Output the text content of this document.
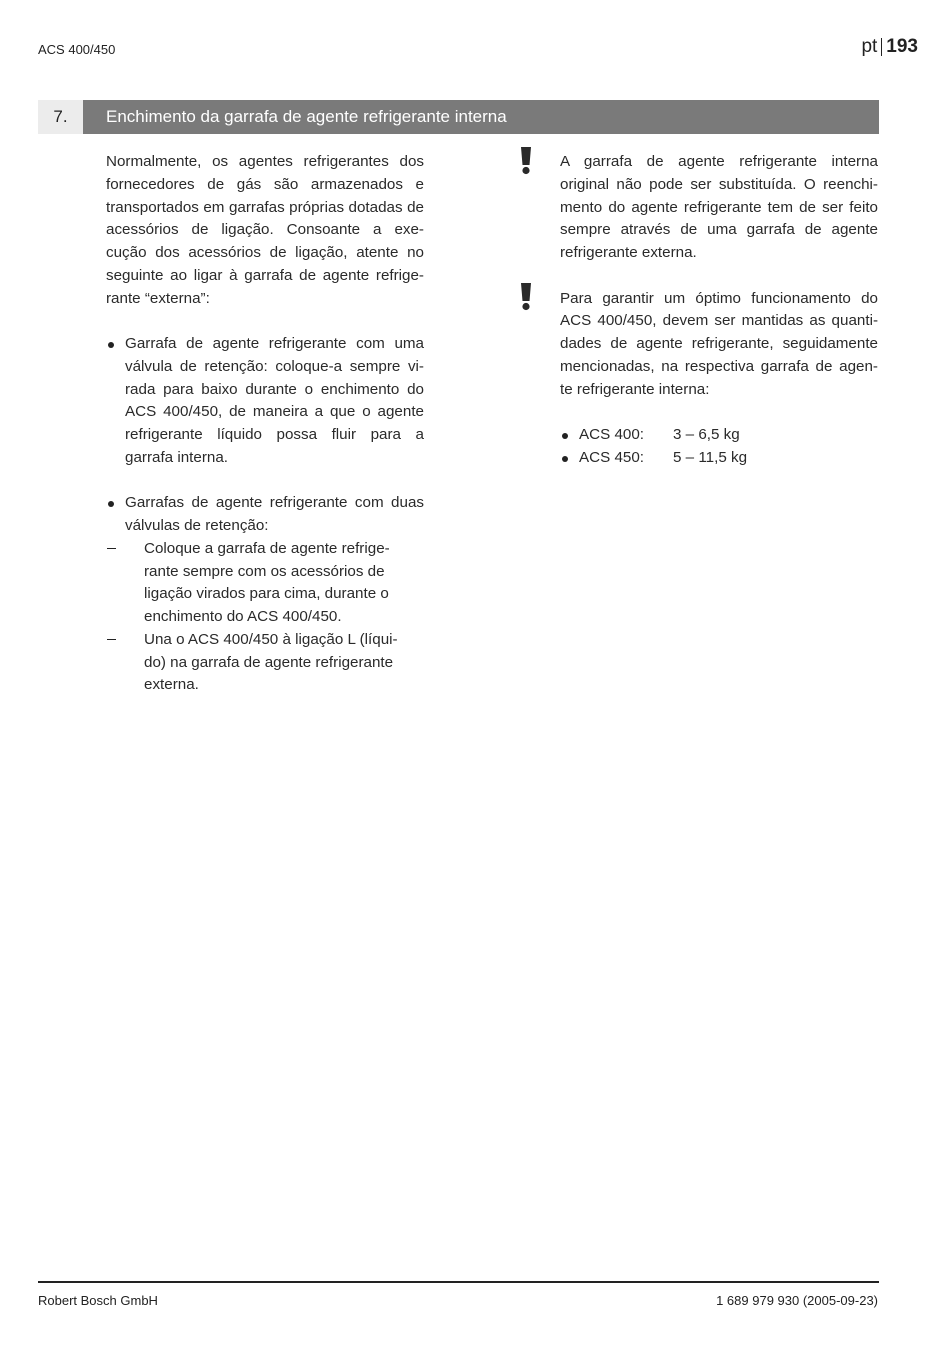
ACS 400/450	pt 193
7.	Enchimento da garrafa de agente refrigerante interna

Normalmente, os agentes refrigerantes dos fornecedores de gás são armazenados e transportados em garrafas próprias dotadas de acessórios de ligação. Consoante a exe- cução dos acessórios de ligação, atente no seguinte ao ligar à garrafa de agente refrige- rante “externa”:

Garrafa de agente refrigerante com uma válvula de retenção: coloque-a sempre vi- rada para baixo durante o enchimento do ACS 400/450, de maneira a que o agente refrigerante líquido possa fluir para a garrafa interna.
Garrafas de agente refrigerante com duas válvulas de retenção:
Coloque a garrafa de agente refrige-
rante sempre com os acessórios de
ligação virados para cima, durante o
enchimento do ACS 400/450.
Una o ACS 400/450 à ligação L (líqui-
do) na garrafa de agente refrigerante
externa.

A garrafa de agente refrigerante interna original não pode ser substituída. O reenchi- mento do agente refrigerante tem de ser feito sempre através de uma garrafa de agente refrigerante externa.

Para garantir um óptimo funcionamento do ACS 400/450, devem ser mantidas as quanti- dades de agente refrigerante, seguidamente mencionadas, na respectiva garrafa de agen- te refrigerante interna:

ACS 400:	3 – 6,5 kg
ACS 450:	5 – 11,5 kg
Robert Bosch GmbH	1 689 979 930 (2005-09-23)
